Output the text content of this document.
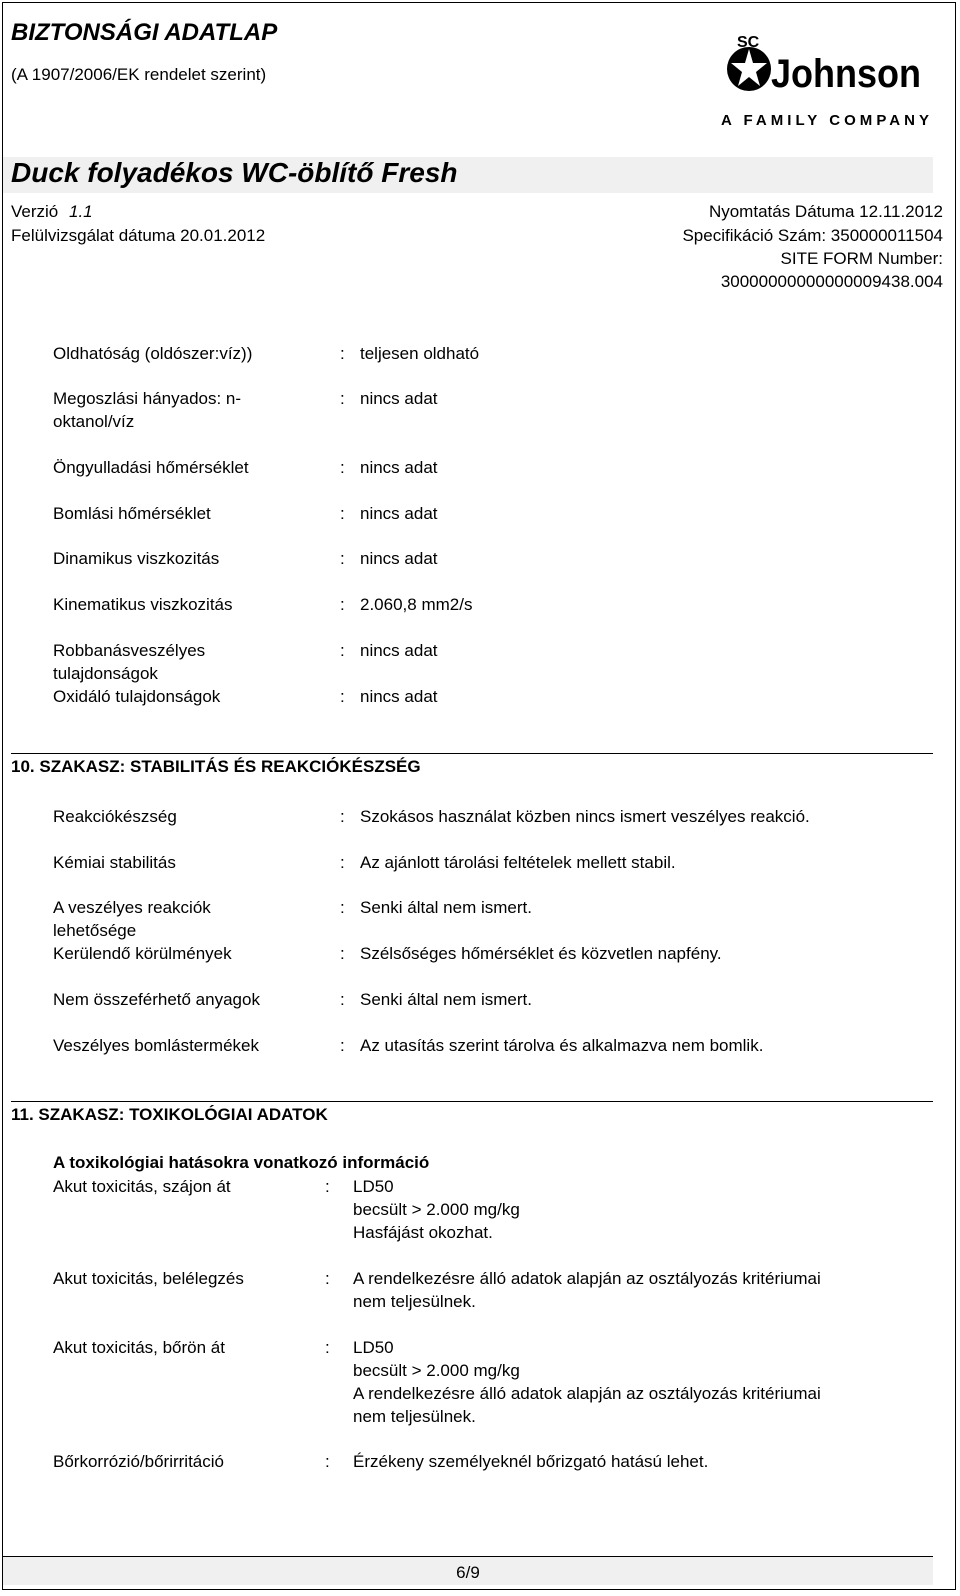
BIZTONSÁGI ADATLAP
(A 1907/2006/EK rendelet szerint)
SC
Johnson
A FAMILY COMPANY
Duck folyadékos WC-öblítő Fresh
Verzió 1.1
Felülvizsgálat dátuma 20.01.2012
Nyomtatás Dátuma 12.11.2012
Specifikáció Szám: 350000011504
SITE FORM Number:
30000000000000009438.004
Oldhatóság (oldószer:víz))	: teljesen oldható
Megoszlási hányados: n-oktanol/víz
: nincs adat
Öngyulladási hőmérséklet	: nincs adat
Bomlási hőmérséklet	: nincs adat
Dinamikus viszkozitás	: nincs adat
Kinematikus viszkozitás	: 2.060,8 mm2/s
Robbanásveszélyes tulajdonságok
: nincs adat
Oxidáló tulajdonságok	: nincs adat
10. SZAKASZ: STABILITÁS ÉS REAKCIÓKÉSZSÉG
Reakciókészség	: Szokásos használat közben nincs ismert veszélyes reakció.
Kémiai stabilitás	: Az ajánlott tárolási feltételek mellett stabil.
A veszélyes reakciók lehetősége
: Senki által nem ismert.
Kerülendő körülmények	: Szélsőséges hőmérséklet és közvetlen napfény.
Nem összeférhető anyagok	: Senki által nem ismert.
Veszélyes bomlástermékek	: Az utasítás szerint tárolva és alkalmazva nem bomlik.
11. SZAKASZ: TOXIKOLÓGIAI ADATOK
A toxikológiai hatásokra vonatkozó információ
Akut toxicitás, szájon át	: LD50
becsült > 2.000 mg/kg
Hasfájást okozhat.
Akut toxicitás, belélegzés	: A rendelkezésre álló adatok alapján az osztályozás kritériumai
nem teljesülnek.
Akut toxicitás, bőrön át	: LD50
becsült > 2.000 mg/kg
A rendelkezésre álló adatok alapján az osztályozás kritériumai
nem teljesülnek.
Bőrkorrózió/bőrirritáció	: Érzékeny személyeknél bőrizgató hatású lehet.
6/9
